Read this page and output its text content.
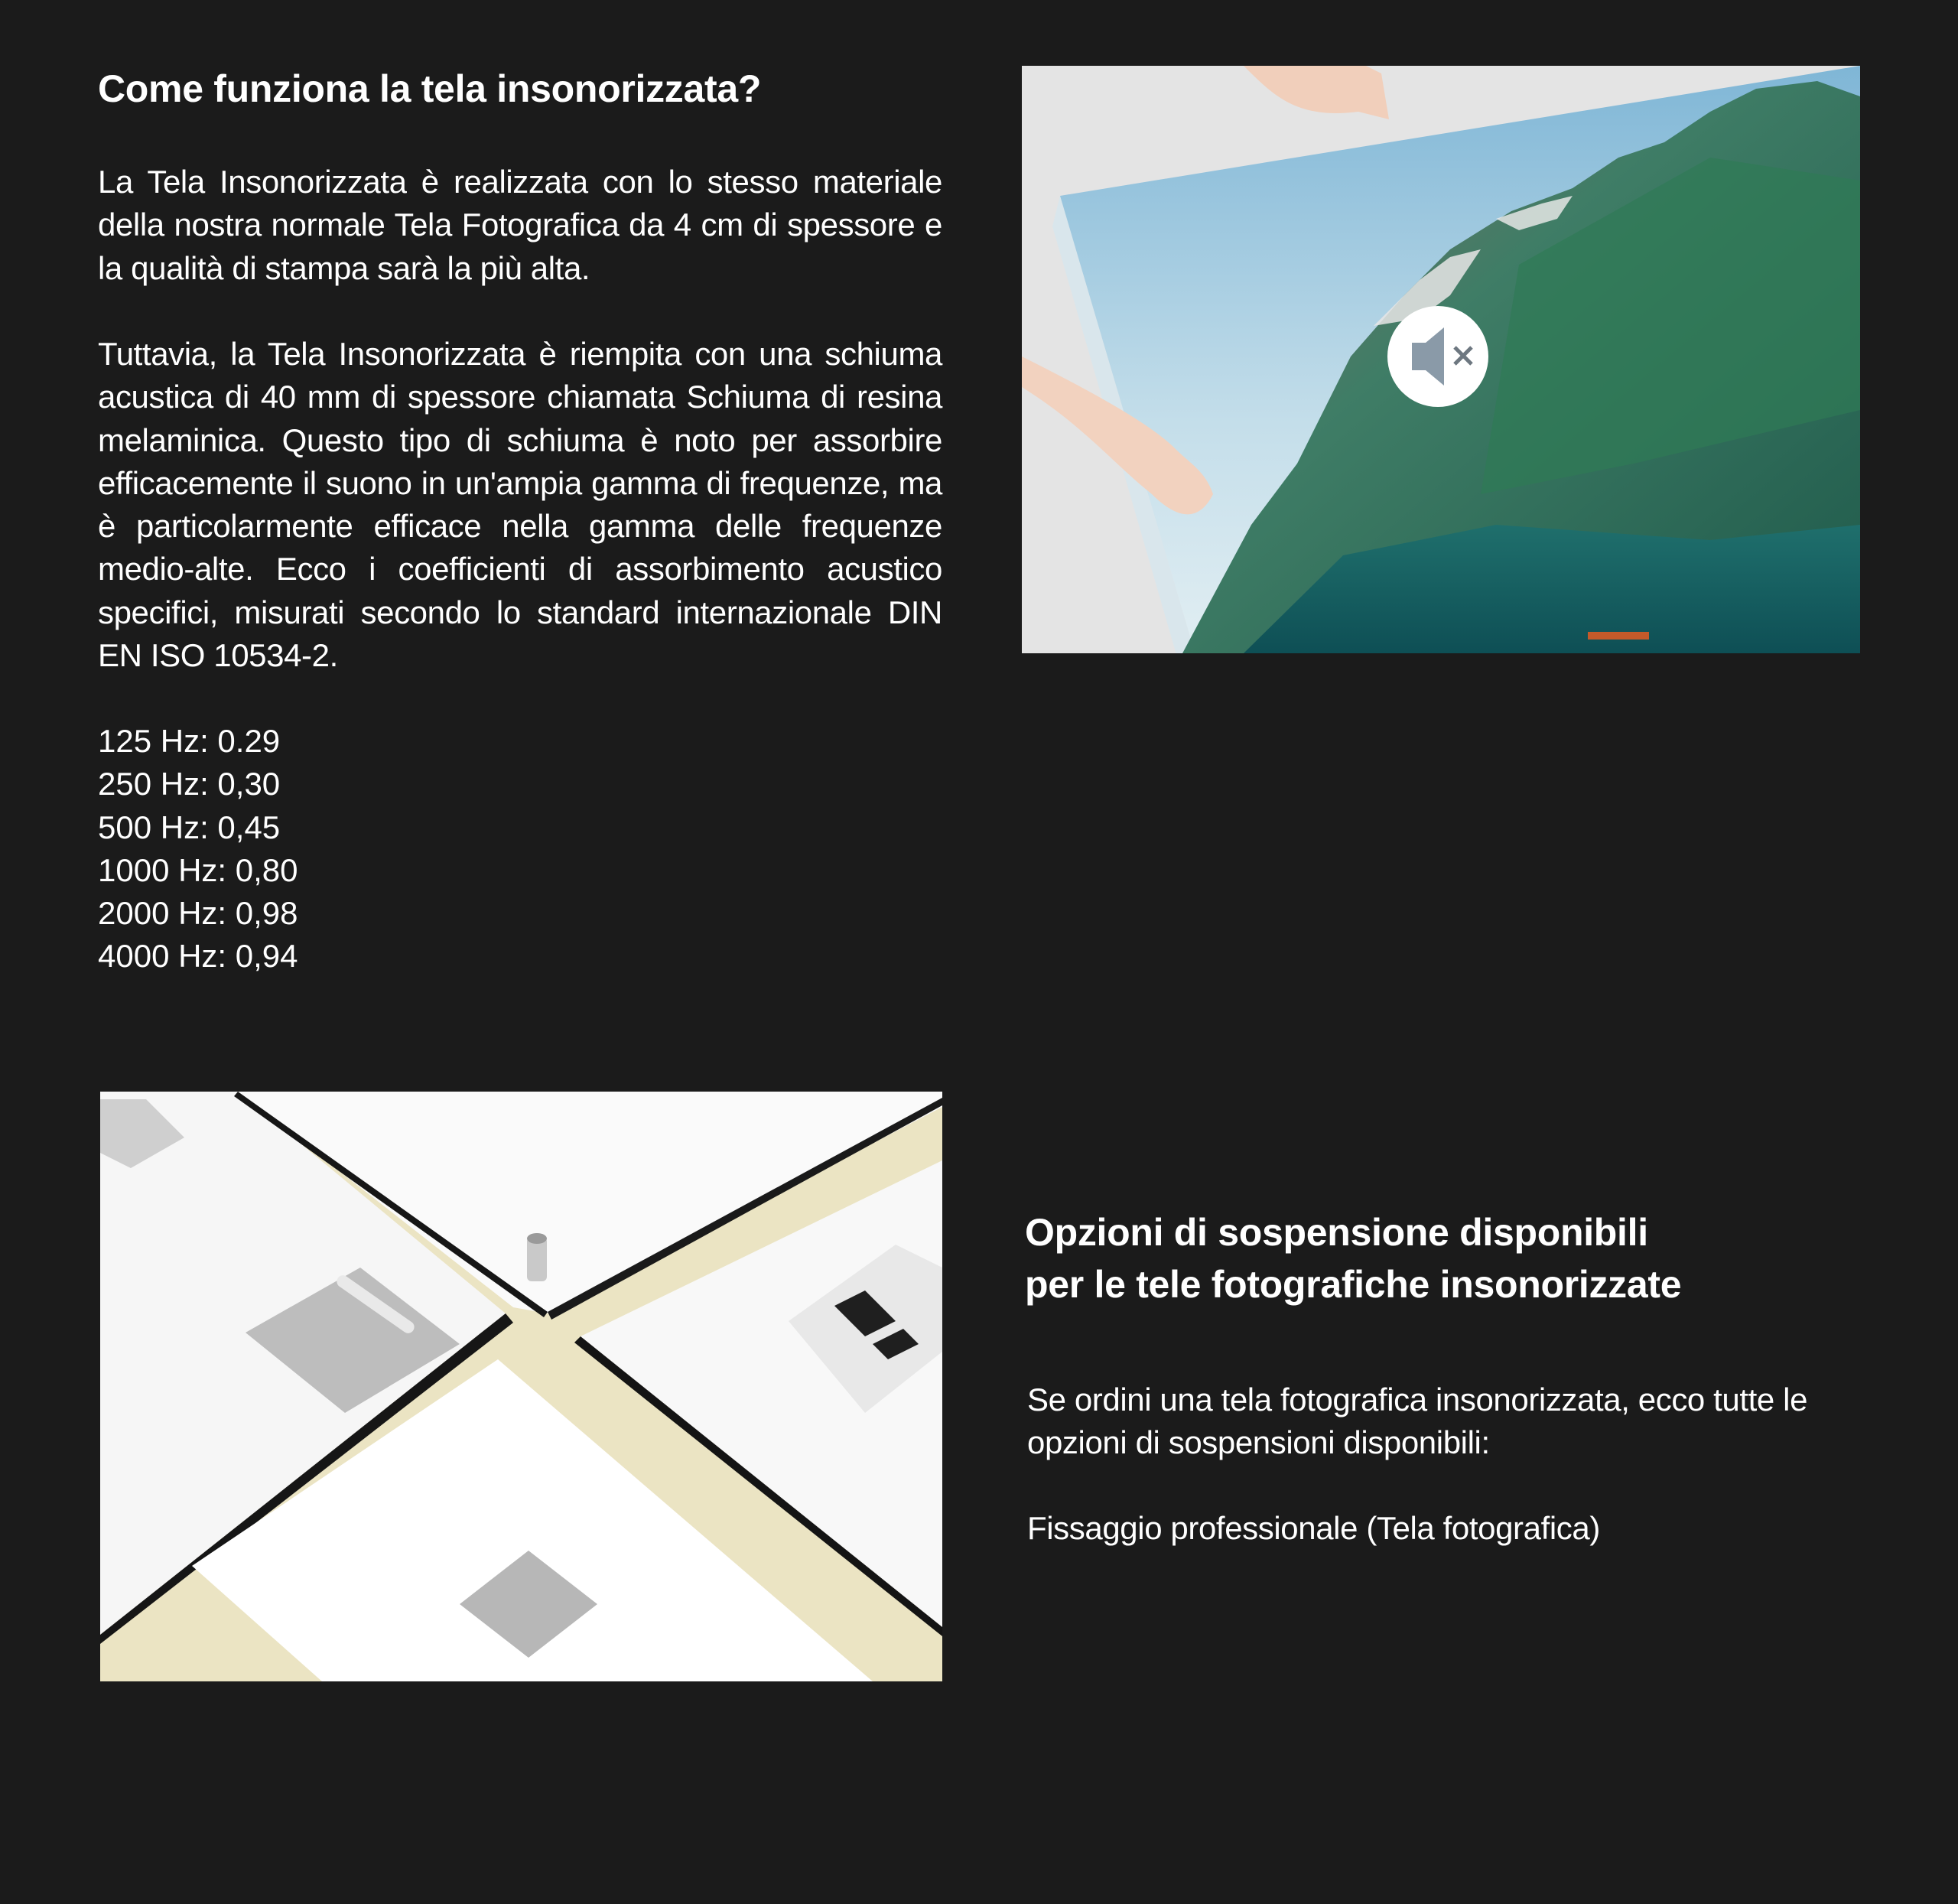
Come funziona la tela insonorizzata?

La Tela Insonorizzata è realizzata con lo stesso materiale della nostra normale Tela Fotografica da 4 cm di spessore e la qualità di stampa sarà la più alta.

Tuttavia, la Tela Insonorizzata è riempita con una schiuma acustica di 40 mm di spessore chiamata Schiuma di resina melaminica. Questo tipo di schiuma è noto per assorbire efficacemente il suono in un'ampia gamma di frequenze, ma è particolarmente efficace nella gamma delle frequenze medio-alte. Ecco i coefficienti di assorbimento acustico specifici, misurati secondo lo standard internazionale DIN EN ISO 10534-2.

125 Hz: 0.29
250 Hz: 0,30
500 Hz: 0,45
1000 Hz: 0,80
2000 Hz: 0,98
4000 Hz: 0,94
Opzioni di sospensione disponibili
per le tele fotografiche insonorizzate

Se ordini una tela fotografica insonorizzata, ecco tutte le opzioni di sospensioni disponibili:

Fissaggio professionale (Tela fotografica)
